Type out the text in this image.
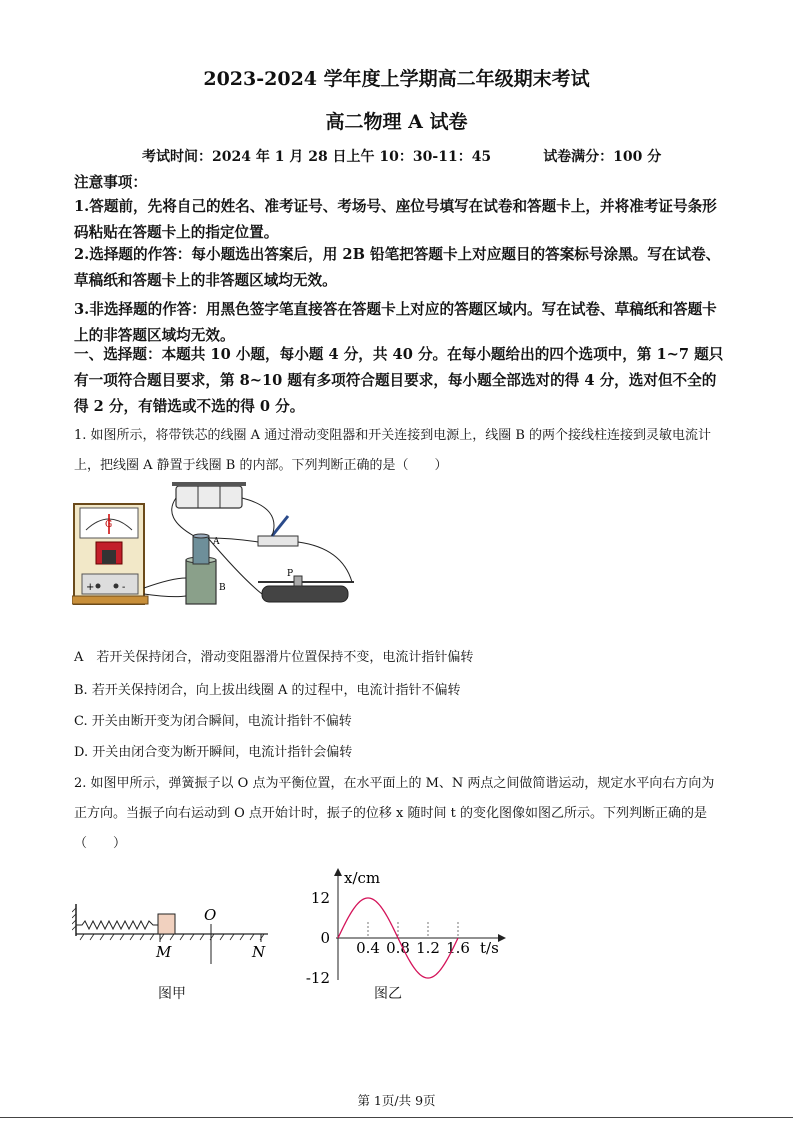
2023-2024 学年度上学期高二年级期末考试
高二物理 A 试卷
考试时间：2024 年 1 月 28 日上午 10：30-11：45	试卷满分：100 分
注意事项：
1.答题前，先将自己的姓名、准考证号、考场号、座位号填写在试卷和答题卡上，并将准考证号条形码粘贴在答题卡上的指定位置。
2.选择题的作答：每小题选出答案后，用 2B 铅笔把答题卡上对应题目的答案标号涂黑。写在试卷、草稿纸和答题卡上的非答题区域均无效。
3.非选择题的作答：用黑色签字笔直接答在答题卡上对应的答题区域内。写在试卷、草稿纸和答题卡上的非答题区域均无效。
一、选择题：本题共 10 小题，每小题 4 分，共 40 分。在每小题给出的四个选项中，第 1~7 题只有一项符合题目要求，第 8~10 题有多项符合题目要求，每小题全部选对的得 4 分，选对但不全的得 2 分，有错选或不选的得 0 分。
1. 如图所示，将带铁芯的线圈 A 通过滑动变阻器和开关连接到电源上，线圈 B 的两个接线柱连接到灵敏电流计上，把线圈 A 静置于线圈 B 的内部。下列判断正确的是（　　）
G
+	-	B
A
P
A　若开关保持闭合，滑动变阻器滑片位置保持不变，电流计指针偏转
B. 若开关保持闭合，向上拔出线圈 A 的过程中，电流计指针不偏转
C. 开关由断开变为闭合瞬间，电流计指针不偏转
D. 开关由闭合变为断开瞬间，电流计指针会偏转
2. 如图甲所示，弹簧振子以 O 点为平衡位置，在水平面上的 M、N 两点之间做简谐运动，规定水平向右方向为正方向。当振子向右运动到 O 点开始计时，振子的位移 x 随时间 t 的变化图像如图乙所示。下列判断正确的是（　　）
O
M	N
x/cm
t/s
12
0
-12
0.4 0.8 1.2 1.6
图甲	图乙
第 1页/共 9页
